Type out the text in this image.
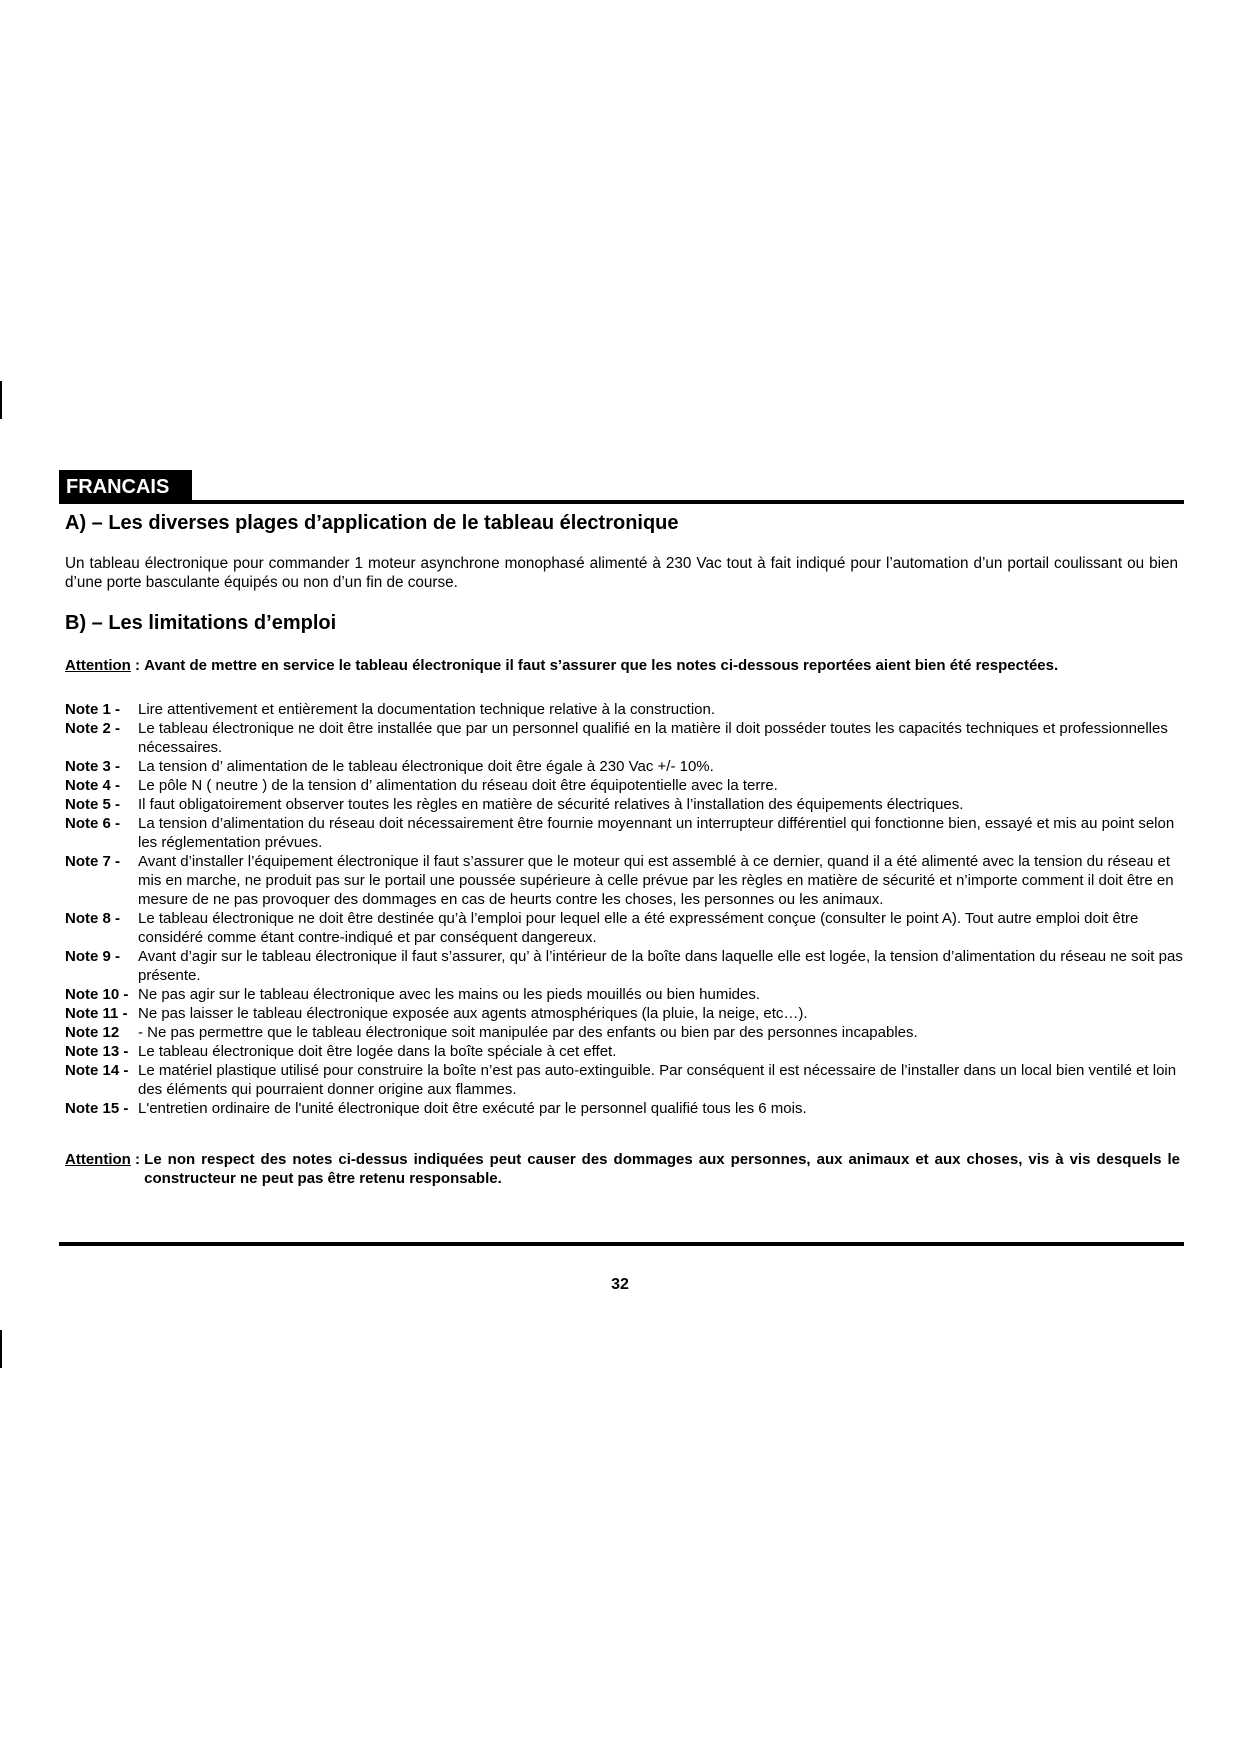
FRANCAIS
A) – Les diverses plages d’application de le tableau électronique

Un tableau électronique pour commander 1 moteur asynchrone monophasé alimenté à 230 Vac tout à fait indiqué pour l’automation d’un portail coulissant ou bien d’une porte basculante équipés ou non d’un fin de course.

B) – Les limitations d’emploi
Attention : Avant de mettre en service le tableau électronique il faut s’assurer que les notes ci-dessous reportées aient bien été respectées.
Note 1 -	Lire attentivement et entièrement la documentation technique relative à la construction.
Note 2 -	Le tableau électronique ne doit être installée que par un personnel qualifié en la matière il doit posséder toutes les capacités techniques et professionnelles nécessaires.
Note 3 -	La tension d’ alimentation de le tableau électronique doit être égale à 230 Vac +/- 10%.
Note 4 -	Le pôle N ( neutre ) de la tension d’ alimentation du réseau doit être équipotentielle avec la terre.
Note 5 -	Il faut obligatoirement observer toutes les règles en matière de sécurité relatives à l’installation des équipements électriques.
Note 6 -	La tension d’alimentation du réseau doit nécessairement être fournie moyennant un interrupteur différentiel qui fonctionne bien, essayé et mis au point selon les réglementation prévues.
Note 7 -	Avant d’installer l’équipement électronique il faut s’assurer que le moteur qui est assemblé à ce dernier, quand il a été alimenté avec la tension du réseau et mis en marche, ne produit pas sur le portail une poussée supérieure à celle prévue par les règles en matière de sécurité et n’importe comment il doit être en mesure de ne pas provoquer des dommages en cas de heurts contre les choses, les personnes ou les animaux.
Note 8 -	Le tableau électronique ne doit être destinée qu’à l’emploi pour lequel elle a été expressément conçue (consulter le point A). Tout autre emploi doit être considéré comme étant contre-indiqué et par conséquent dangereux.
Note 9 -	Avant d’agir sur le tableau électronique il faut s’assurer, qu’ à l’intérieur de la boîte dans laquelle elle est logée, la tension d’alimentation du réseau ne soit pas présente.
Note 10 - Ne pas agir sur le tableau électronique avec les mains ou les pieds mouillés ou bien humides.
Note 11 - Ne pas laisser le tableau électronique exposée aux agents atmosphériques (la pluie, la neige, etc…).
Note 12	- Ne pas permettre que le tableau électronique soit manipulée par des enfants ou bien par des personnes incapables.
Note 13 - Le tableau électronique doit être logée dans la boîte spéciale à cet effet.
Note 14 - Le matériel plastique utilisé pour construire la boîte n’est pas auto-extinguible. Par conséquent il est nécessaire de l’installer dans un local bien ventilé et loin des éléments qui pourraient donner origine aux flammes.
Note 15 - L'entretien ordinaire de l'unité électronique doit être exécuté par le personnel qualifié tous les 6 mois.
Attention : Le non respect des notes ci-dessus indiquées peut causer des dommages aux personnes, aux animaux et aux choses, vis à vis desquels le constructeur ne peut pas être retenu responsable.
32
